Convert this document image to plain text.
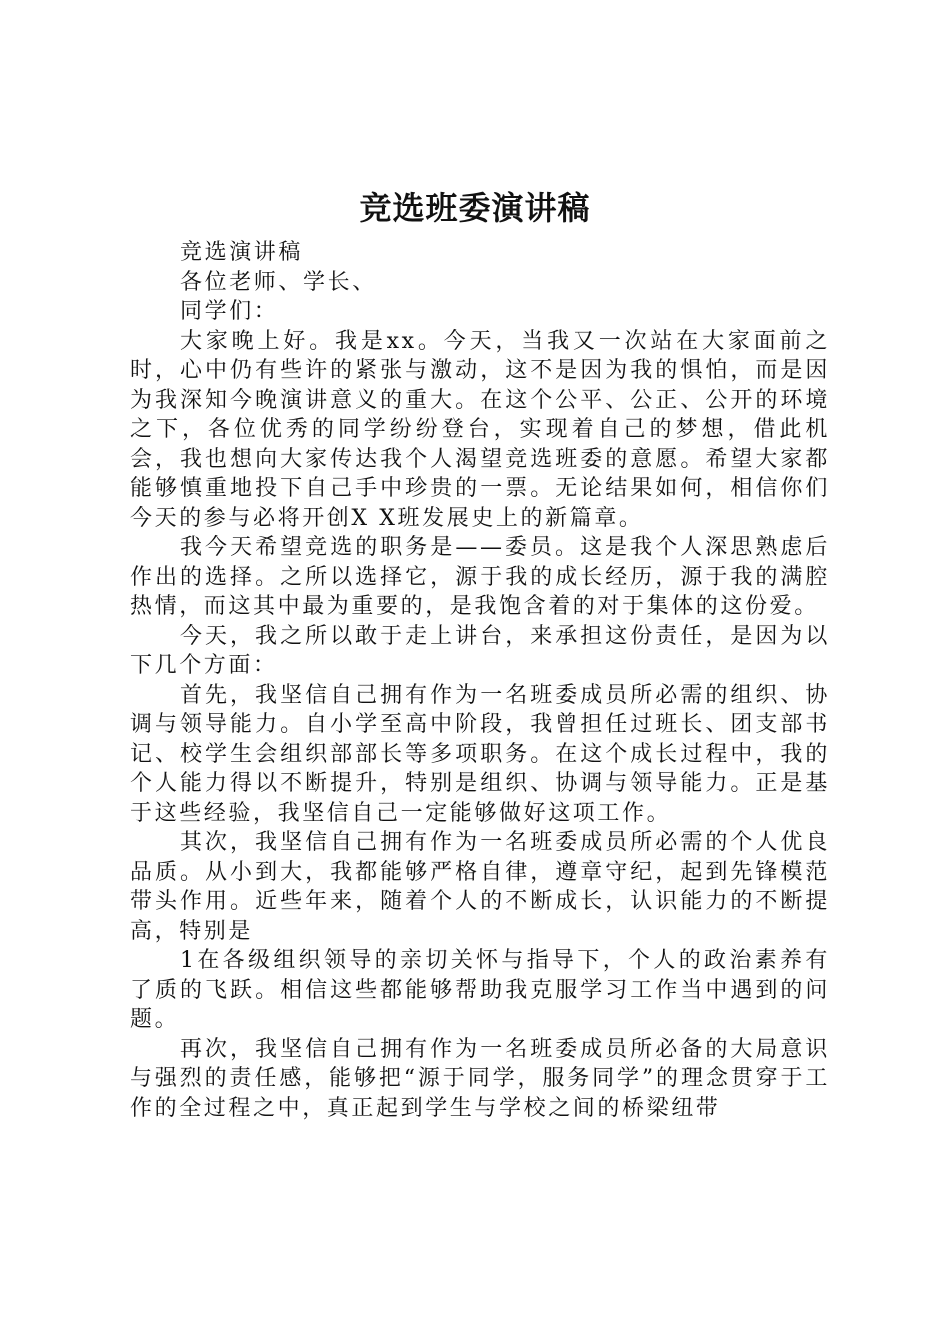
竞选班委演讲稿

竞选演讲稿

各位老师、学长、

同学们：

大家晚上好。我是xx。今天，当我又一次站在大家面前之时，心中仍有些许的紧张与激动，这不是因为我的惧怕，而是因为我深知今晚演讲意义的重大。在这个公平、公正、公开的环境之下，各位优秀的同学纷纷登台，实现着自己的梦想，借此机会，我也想向大家传达我个人渴望竞选班委的意愿。希望大家都能够慎重地投下自己手中珍贵的一票。无论结果如何，相信你们今天的参与必将开创X X班发展史上的新篇章。

我今天希望竞选的职务是——委员。这是我个人深思熟虑后作出的选择。之所以选择它，源于我的成长经历，源于我的满腔热情，而这其中最为重要的，是我饱含着的对于集体的这份爱。

今天，我之所以敢于走上讲台，来承担这份责任，是因为以下几个方面：

首先，我坚信自己拥有作为一名班委成员所必需的组织、协调与领导能力。自小学至高中阶段，我曾担任过班长、团支部书记、校学生会组织部部长等多项职务。在这个成长过程中，我的个人能力得以不断提升，特别是组织、协调与领导能力。正是基于这些经验，我坚信自己一定能够做好这项工作。

其次，我坚信自己拥有作为一名班委成员所必需的个人优良品质。从小到大，我都能够严格自律，遵章守纪，起到先锋模范带头作用。近些年来，随着个人的不断成长，认识能力的不断提高，特别是

1在各级组织领导的亲切关怀与指导下，个人的政治素养有了质的飞跃。相信这些都能够帮助我克服学习工作当中遇到的问题。

再次，我坚信自己拥有作为一名班委成员所必备的大局意识与强烈的责任感，能够把“源于同学，服务同学”的理念贯穿于工作的全过程之中，真正起到学生与学校之间的桥梁纽带
